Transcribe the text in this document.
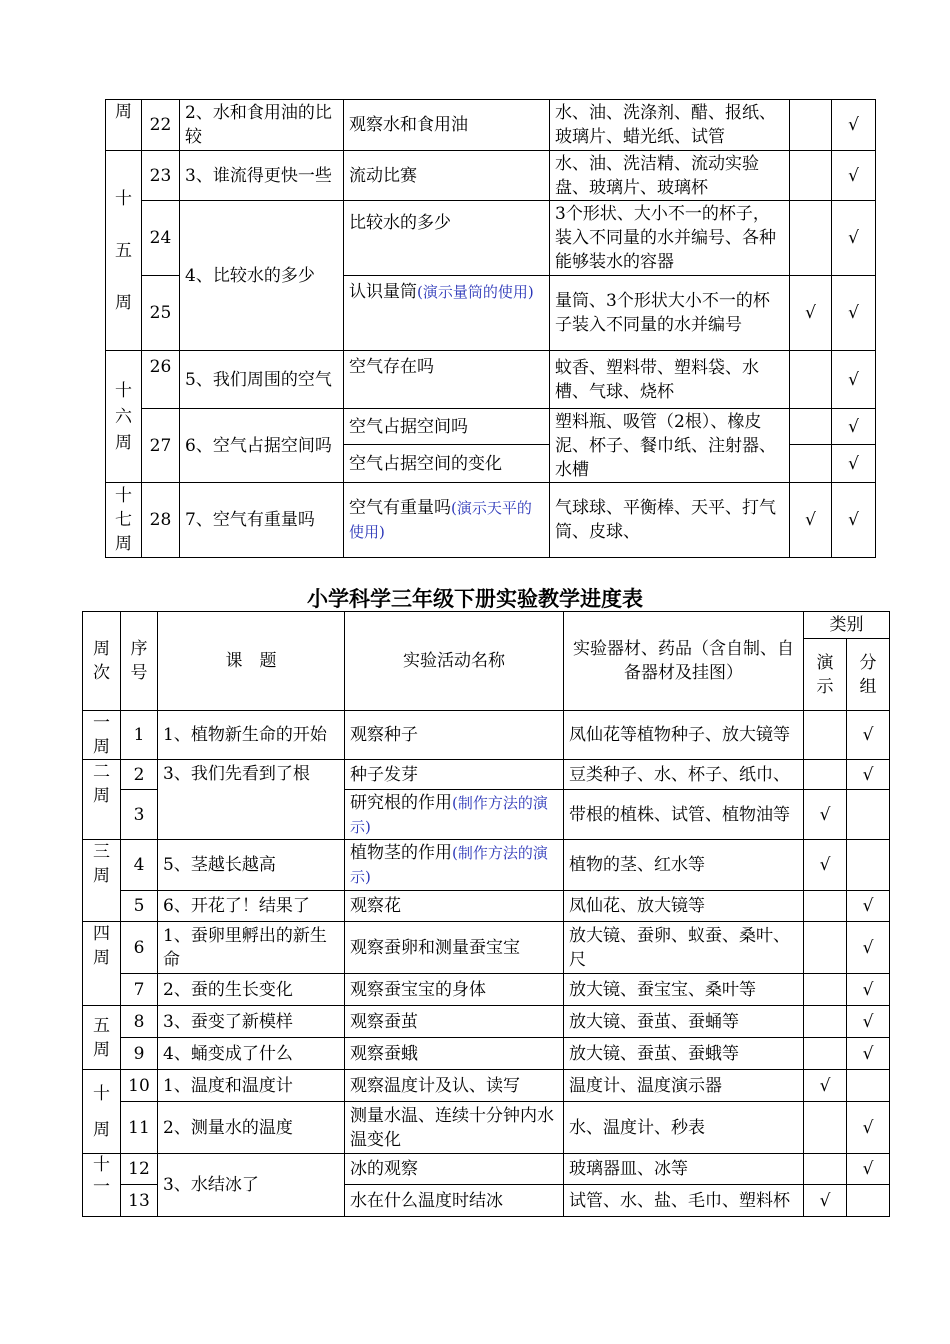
周	22	2、水和食用油的比较	观察水和食用油	水、油、洗涤剂、醋、报纸、玻璃片、蜡光纸、试管		√

十五周	23	3、谁流得更快一些	流动比赛	水、油、洗洁精、流动实验盘、玻璃片、玻璃杯		√
	24	4、比较水的多少	比较水的多少	3个形状、大小不一的杯子，装入不同量的水并编号、各种能够装水的容器		√
	25		认识量筒(演示量筒的使用)	量筒、3个形状大小不一的杯子装入不同量的水并编号	√	√

十六周	26	5、我们周围的空气	空气存在吗	蚊香、塑料带、塑料袋、水槽、气球、烧杯		√
	27	6、空气占据空间吗	空气占据空间吗	塑料瓶、吸管（2根）、橡皮泥、杯子、餐巾纸、注射器、水槽		√
			空气占据空间的变化			√

十七周	28	7、空气有重量吗	空气有重量吗(演示天平的使用)	气球球、平衡棒、天平、打气筒、皮球、	√	√
小学科学三年级下册实验教学进度表
周次	序号	课　题	实验活动名称	实验器材、药品（含自制、自备器材及挂图）	类别	
					演示	分组

一周	1	1、植物新生命的开始	观察种子	凤仙花等植物种子、放大镜等		√

二周	2	3、我们先看到了根	种子发芽	豆类种子、水、杯子、纸巾、		√
	3		研究根的作用(制作方法的演示)	带根的植株、试管、植物油等	√	

三周	4	5、茎越长越高	植物茎的作用(制作方法的演示)	植物的茎、红水等	√	
	5	6、开花了！结果了	观察花	凤仙花、放大镜等		√

四周	6	1、蚕卵里孵出的新生命	观察蚕卵和测量蚕宝宝	放大镜、蚕卵、蚁蚕、桑叶、尺		√
	7	2、蚕的生长变化	观察蚕宝宝的身体	放大镜、蚕宝宝、桑叶等		√

五周	8	3、蚕变了新模样	观察蚕茧	放大镜、蚕茧、蚕蛹等		√
	9	4、蛹变成了什么	观察蚕蛾	放大镜、蚕茧、蚕蛾等		√

十周	10	1、温度和温度计	观察温度计及认、读写	温度计、温度演示器	√	
	11	2、测量水的温度	测量水温、连续十分钟内水温变化	水、温度计、秒表		√

十一	12	3、水结冰了	冰的观察	玻璃器皿、冰等		√
	13		水在什么温度时结冰	试管、水、盐、毛巾、塑料杯	√	
